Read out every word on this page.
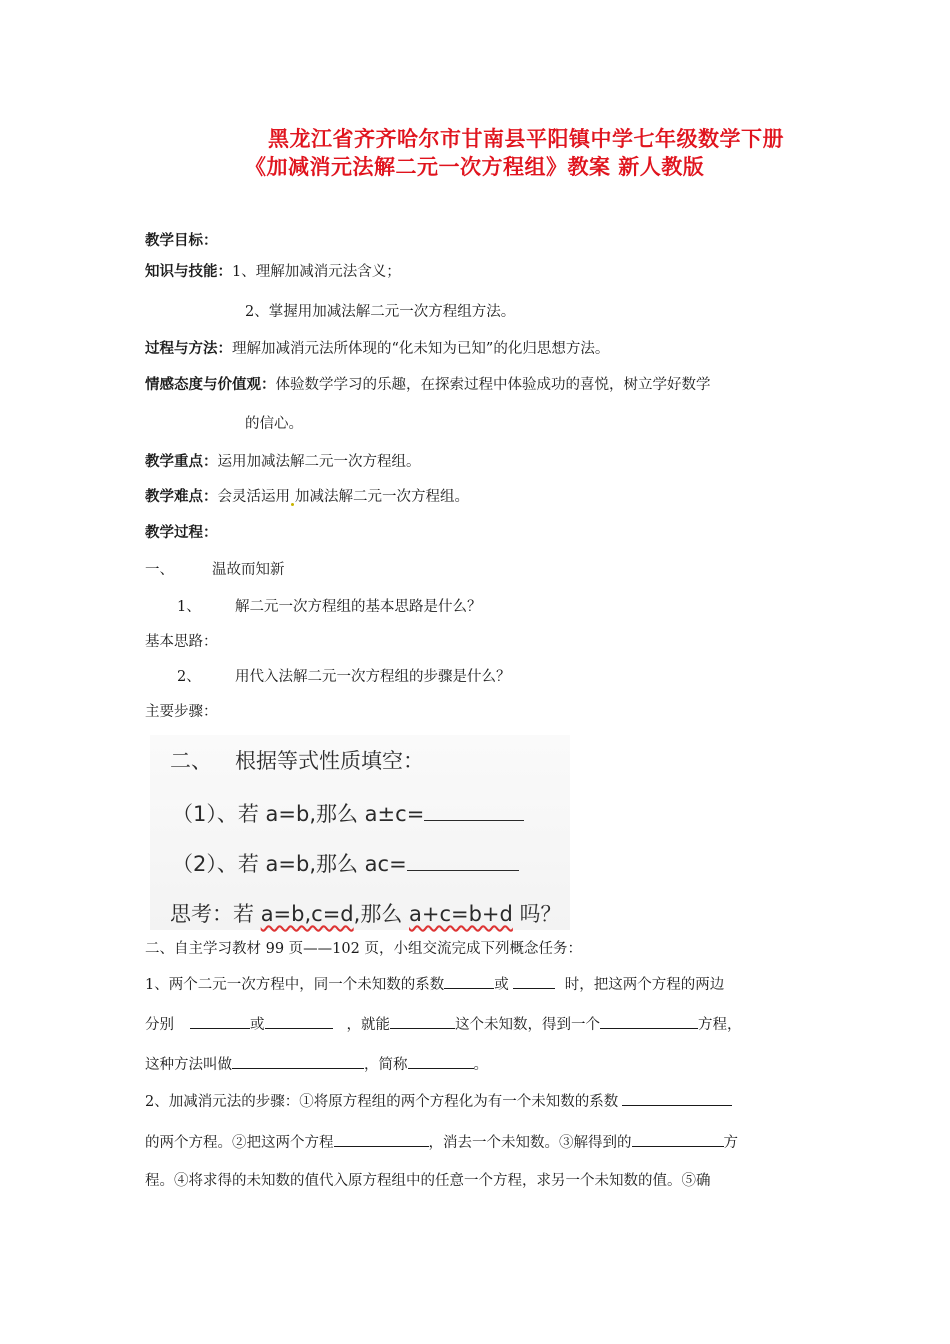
黑龙江省齐齐哈尔市甘南县平阳镇中学七年级数学下册
《加减消元法解二元一次方程组》教案 新人教版
教学目标：
知识与技能：1、理解加减消元法含义；
2、掌握用加减法解二元一次方程组方法。
过程与方法：理解加减消元法所体现的“化未知为已知”的化归思想方法。
情感态度与价值观：体验数学学习的乐趣，在探索过程中体验成功的喜悦，树立学好数学
的信心。
教学重点：运用加减法解二元一次方程组。
教学难点：会灵活运用 加减法解二元一次方程组。
教学过程：
一、	温故而知新
1、 解二元一次方程组的基本思路是什么？
基本思路：
2、 用代入法解二元一次方程组的步骤是什么？
主要步骤：
二、 根据等式性质填空：
（1）、若 a=b,那么 a±c=
（2）、若 a=b,那么 ac=
思考：若 a=b,c=d,那么 a+c=b+d 吗？
二、自主学习教材 99 页——102 页，小组交流完成下列概念任务：
1、两个二元一次方程中，同一个未知数的系数	或	时，把这两个方程的两边
分别	或	，就能	这个未知数，得到一个	方程，
这种方法叫做	，简称	。
2、加减消元法的步骤：①将原方程组的两个方程化为有一个未知数的系数
的两个方程。②把这两个方程	，消去一个未知数。③解得到的	方
程。④将求得的未知数的值代入原方程组中的任意一个方程，求另一个未知数的值。⑤确
